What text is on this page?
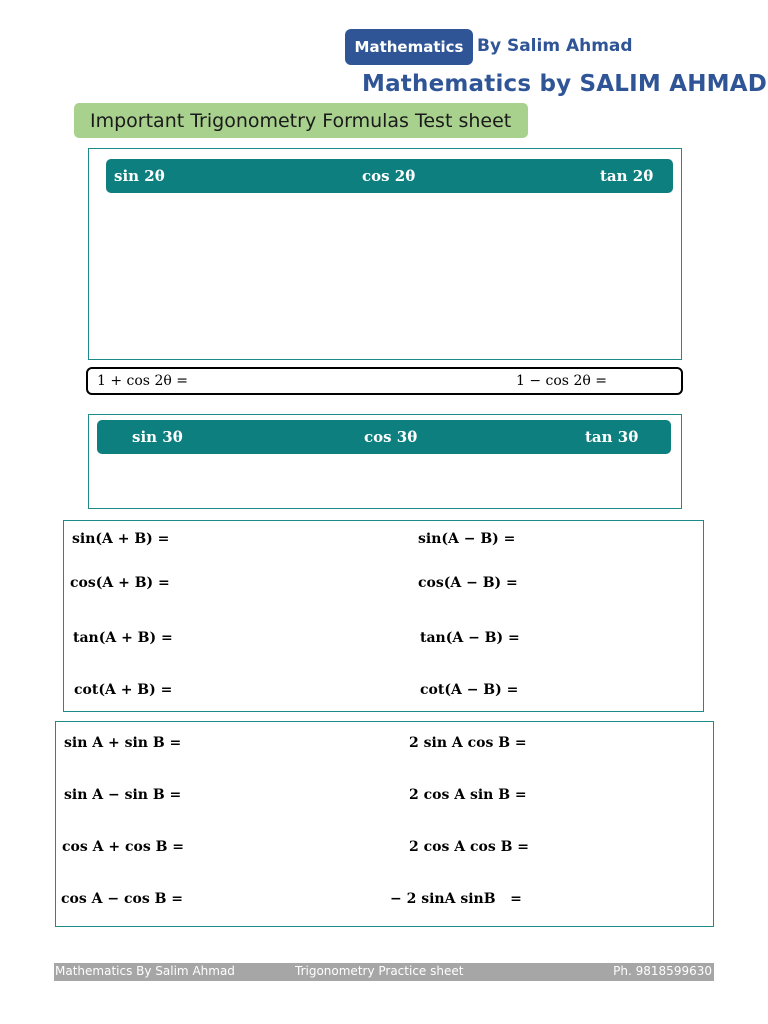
Mathematics By Salim Ahmad
Mathematics by SALIM AHMAD
Important Trigonometry Formulas Test sheet
sin 2θ	cos 2θ	tan 2θ
1 + cos 2θ =	1 − cos 2θ =
sin 3θ	cos 3θ	tan 3θ
sin(A + B) =	sin(A − B) =
cos(A + B) =	cos(A − B) =
tan(A + B) =	tan(A − B) =
cot(A + B) =	cot(A − B) =
sin A + sin B =	2 sin A cos B =
sin A − sin B =	2 cos A sin B =
cos A + cos B =	2 cos A cos B =
cos A − cos B =	− 2 sinA sinB   =
Mathematics By Salim Ahmad	Trigonometry Practice sheet	Ph. 9818599630
